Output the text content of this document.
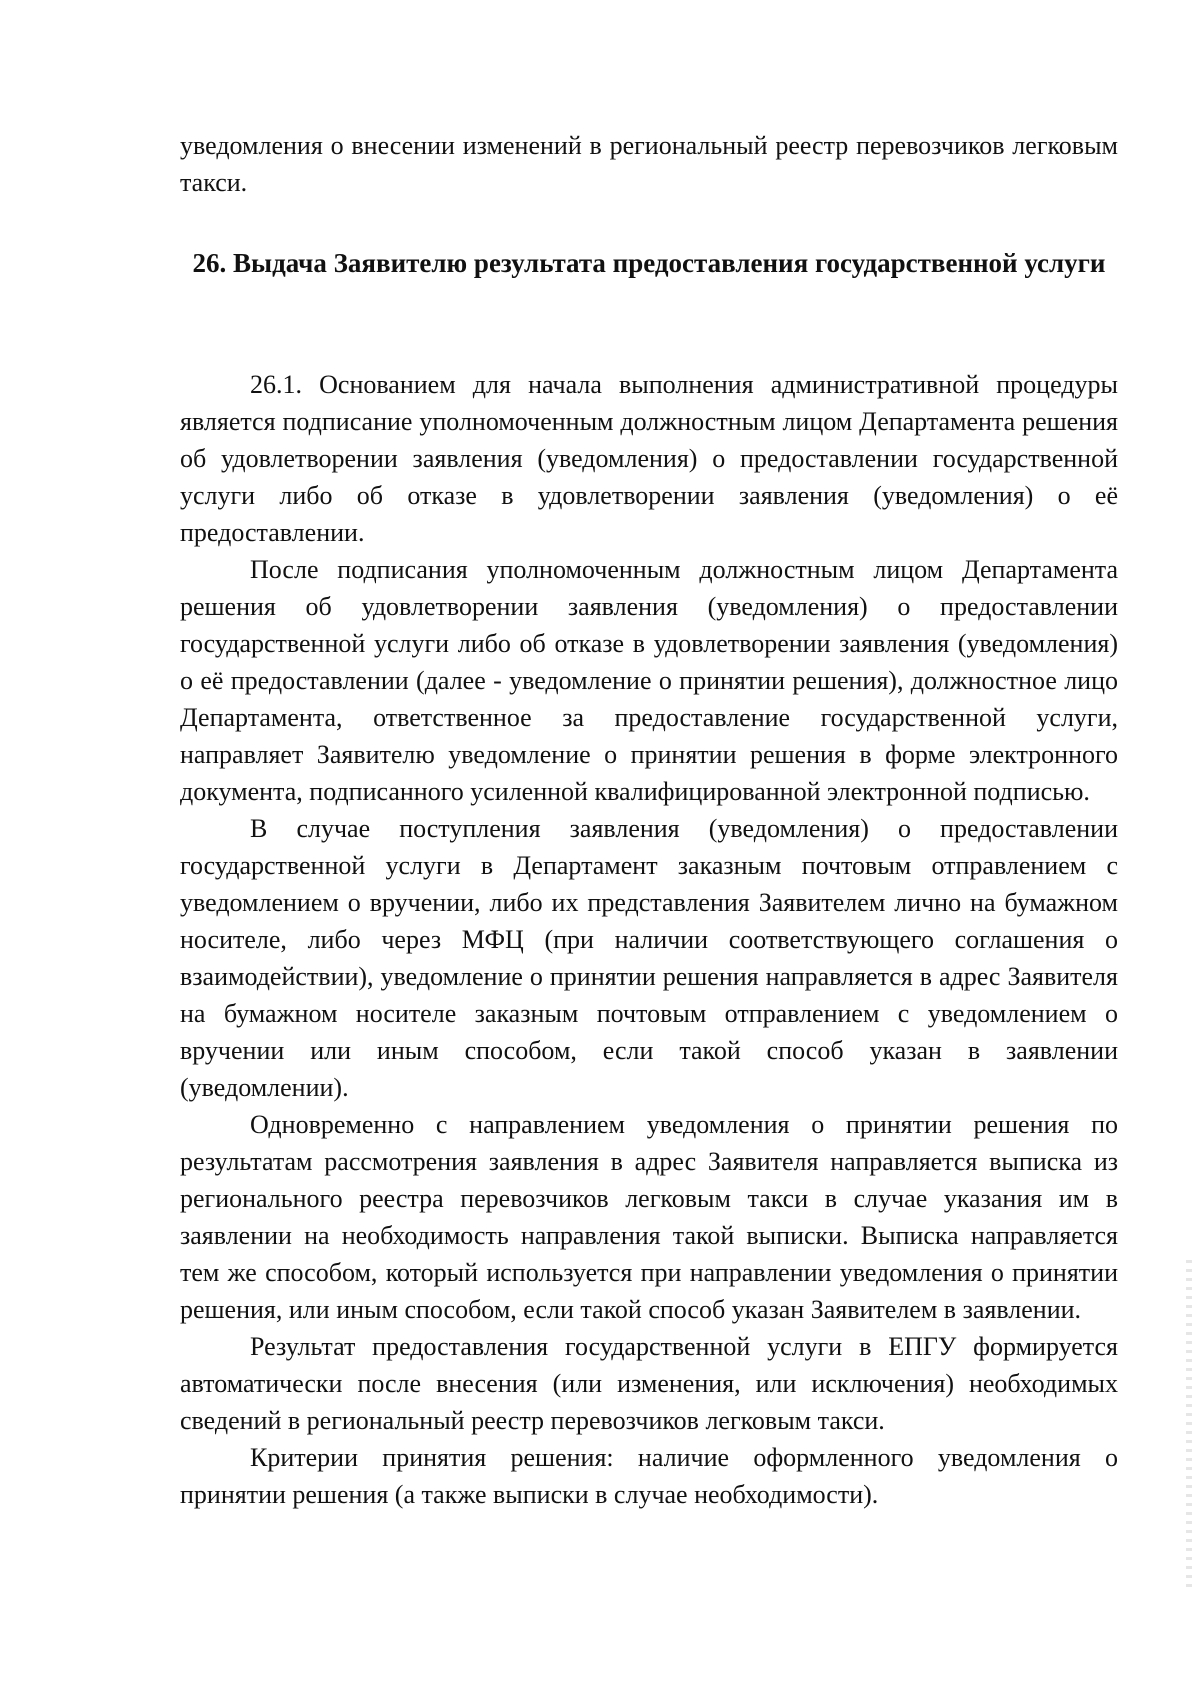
уведомления о внесении изменений в региональный реестр перевозчиков легковым такси.
26. Выдача Заявителю результата предоставления государственной услуги

26.1. Основанием для начала выполнения административной процедуры является подписание уполномоченным должностным лицом Департамента решения об удовлетворении заявления (уведомления) о предоставлении государственной услуги либо об отказе в удовлетворении заявления (уведомления) о её предоставлении.

После подписания уполномоченным должностным лицом Департамента решения об удовлетворении заявления (уведомления) о предоставлении государственной услуги либо об отказе в удовлетворении заявления (уведомления) о её предоставлении (далее - уведомление о принятии решения), должностное лицо Департамента, ответственное за предоставление государственной услуги, направляет Заявителю уведомление о принятии решения в форме электронного документа, подписанного усиленной квалифицированной электронной подписью.

В случае поступления заявления (уведомления) о предоставлении государственной услуги в Департамент заказным почтовым отправлением с уведомлением о вручении, либо их представления Заявителем лично на бумажном носителе, либо через МФЦ (при наличии соответствующего соглашения о взаимодействии), уведомление о принятии решения направляется в адрес Заявителя на бумажном носителе заказным почтовым отправлением с уведомлением о вручении или иным способом, если такой способ указан в заявлении (уведомлении).

Одновременно с направлением уведомления о принятии решения по результатам рассмотрения заявления в адрес Заявителя направляется выписка из регионального реестра перевозчиков легковым такси в случае указания им в заявлении на необходимость направления такой выписки. Выписка направляется тем же способом, который используется при направлении уведомления о принятии решения, или иным способом, если такой способ указан Заявителем в заявлении.

Результат предоставления государственной услуги в ЕПГУ формируется автоматически после внесения (или изменения, или исключения) необходимых сведений в региональный реестр перевозчиков легковым такси.

Критерии принятия решения: наличие оформленного уведомления о принятии решения (а также выписки в случае необходимости).
